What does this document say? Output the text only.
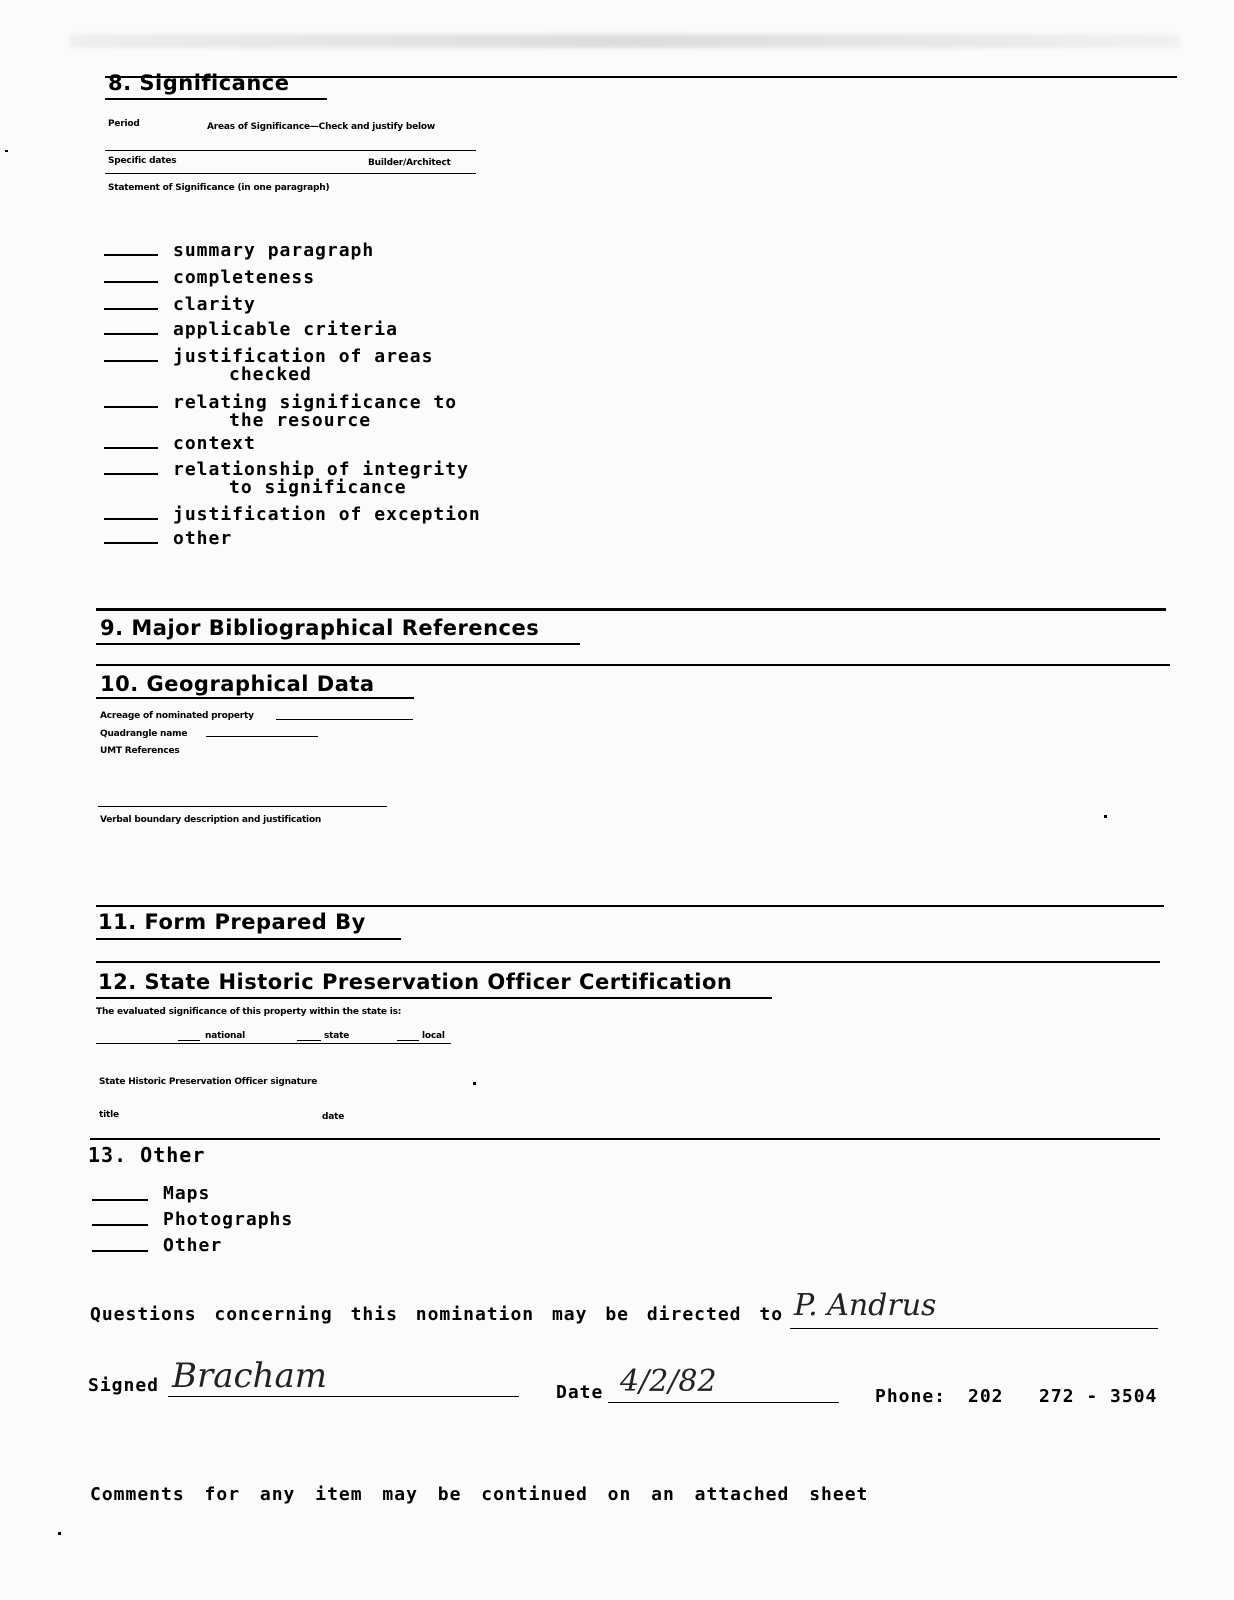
8. Significance
Period	Areas of Significance—Check and justify below
Specific dates	Builder/Architect
Statement of Significance (in one paragraph)
summary paragraph
completeness
clarity
applicable criteria
justification of areas
checked
relating significance to
the resource
context
relationship of integrity
to significance
justification of exception
other
9. Major Bibliographical References
10. Geographical Data
Acreage of nominated property
Quadrangle name
UMT References
Verbal boundary description and justification
11. Form Prepared By
12. State Historic Preservation Officer Certification
The evaluated significance of this property within the state is:
national	state	local
State Historic Preservation Officer signature
title	date
13. Other
Maps
Photographs
Other
Questions concerning this nomination may be directed to P. Andrus
Signed Bracham	Date 4/2/82	Phone: 202   272 - 3504
Comments for any item may be continued on an attached sheet
